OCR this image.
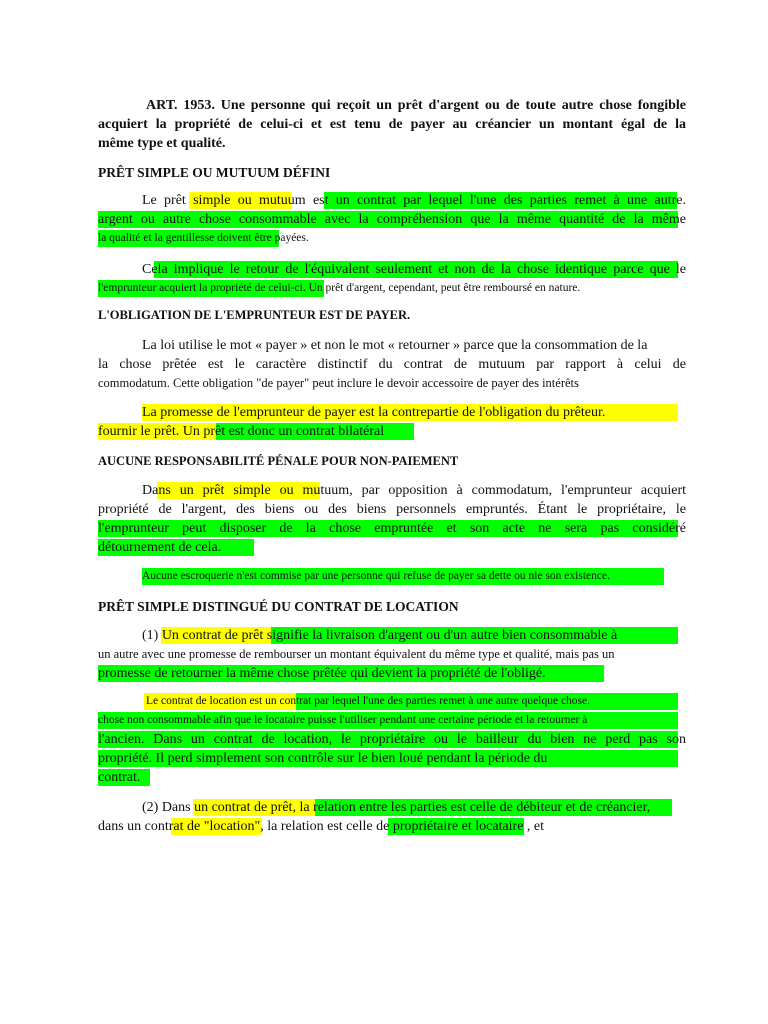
ART. 1953. Une personne qui reçoit un prêt d'argent ou de toute autre chose fongible
acquiert la propriété de celui-ci et est tenu de payer au créancier un montant égal de la
même type et qualité.
PRÊT SIMPLE OU MUTUUM DÉFINI
Le prêt simple ou mutuum est un contrat par lequel l'une des parties remet à une autre.
argent ou autre chose consommable avec la compréhension que la même quantité de la même
la qualité et la gentillesse doivent être payées.
Cela implique le retour de l'équivalent seulement et non de la chose identique parce que le
l'emprunteur acquiert la propriété de celui-ci. Un prêt d'argent, cependant, peut être remboursé en nature.
L'OBLIGATION DE L'EMPRUNTEUR EST DE PAYER.
La loi utilise le mot « payer » et non le mot « retourner » parce que la consommation de la
la chose prêtée est le caractère distinctif du contrat de mutuum par rapport à celui de
commodatum. Cette obligation "de payer" peut inclure le devoir accessoire de payer des intérêts
La promesse de l'emprunteur de payer est la contrepartie de l'obligation du prêteur.
fournir le prêt. Un prêt est donc un contrat bilatéral
AUCUNE RESPONSABILITÉ PÉNALE POUR NON-PAIEMENT
Dans un prêt simple ou mutuum, par opposition à commodatum, l'emprunteur acquiert
propriété de l'argent, des biens ou des biens personnels empruntés. Étant le propriétaire, le
l'emprunteur peut disposer de la chose empruntée et son acte ne sera pas considéré
détournement de cela.
Aucune escroquerie n'est commise par une personne qui refuse de payer sa dette ou nie son existence.
PRÊT SIMPLE DISTINGUÉ DU CONTRAT DE LOCATION
(1) Un contrat de prêt signifie la livraison d'argent ou d'un autre bien consommable à
un autre avec une promesse de rembourser un montant équivalent du même type et qualité, mais pas un
promesse de retourner la même chose prêtée qui devient la propriété de l'obligé.
Le contrat de location est un contrat par lequel l'une des parties remet à une autre quelque chose.
chose non consommable afin que le locataire puisse l'utiliser pendant une certaine période et la retourner à
l'ancien. Dans un contrat de location, le propriétaire ou le bailleur du bien ne perd pas son
propriété. Il perd simplement son contrôle sur le bien loué pendant la période du
contrat.
(2) Dans un contrat de prêt, la relation entre les parties est celle de débiteur et de créancier,
dans un contrat de "location", la relation est celle de propriétaire et locataire , et
